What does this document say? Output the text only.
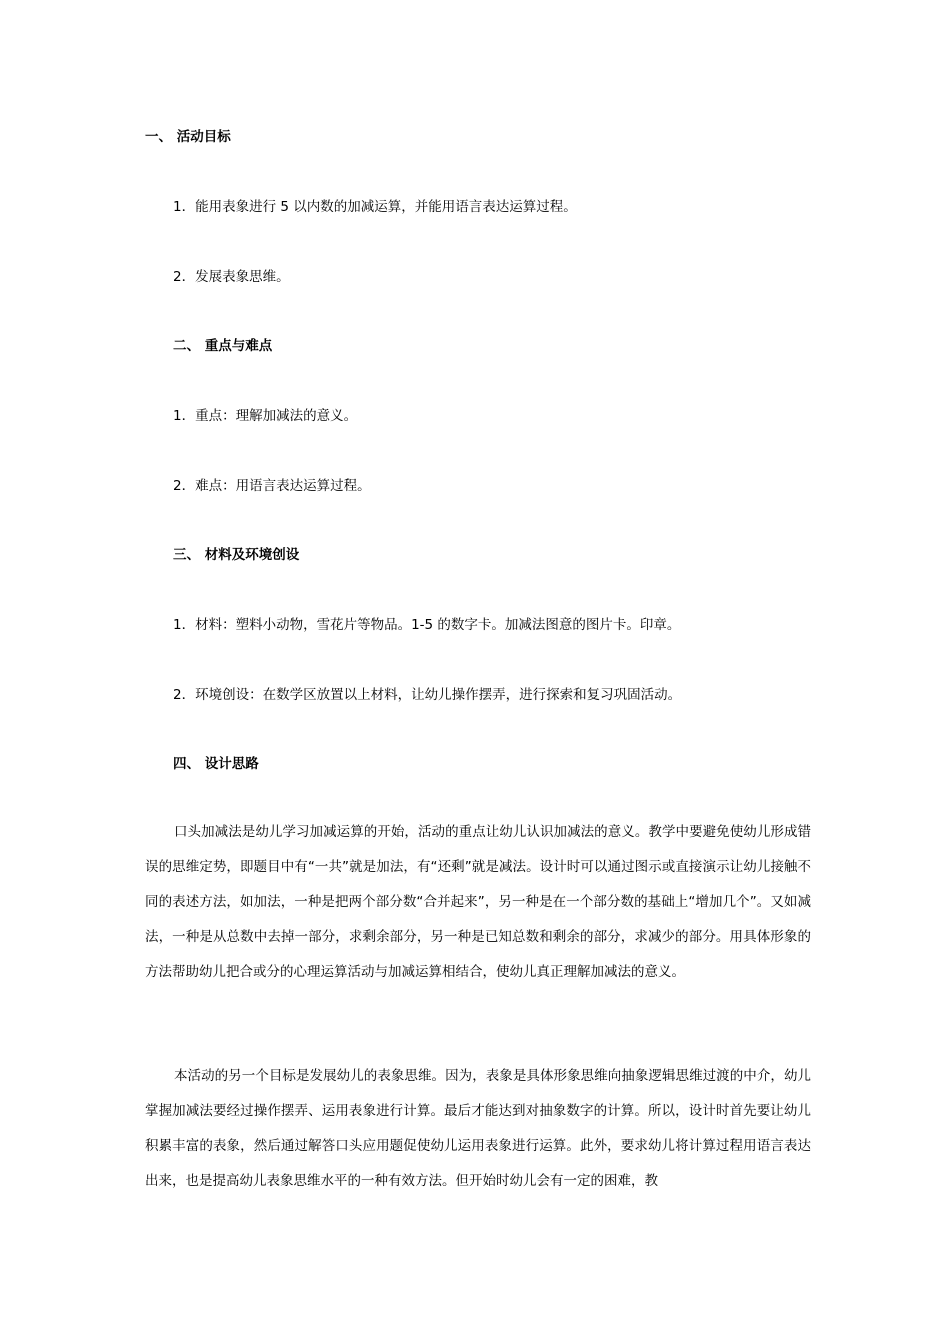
一、 活动目标
1．能用表象进行 5 以内数的加减运算，并能用语言表达运算过程。
2．发展表象思维。
二、 重点与难点
1．重点：理解加减法的意义。
2．难点：用语言表达运算过程。
三、 材料及环境创设
1．材料：塑料小动物，雪花片等物品。1-5 的数字卡。加减法图意的图片卡。印章。
2．环境创设：在数学区放置以上材料，让幼儿操作摆弄，进行探索和复习巩固活动。
四、 设计思路
口头加减法是幼儿学习加减运算的开始，活动的重点让幼儿认识加减法的意义。教学中要避免使幼儿形成错误的思维定势，即题目中有“一共”就是加法，有“还剩”就是减法。设计时可以通过图示或直接演示让幼儿接触不同的表述方法，如加法，一种是把两个部分数“合并起来”，另一种是在一个部分数的基础上“增加几个”。又如减法，一种是从总数中去掉一部分，求剩余部分，另一种是已知总数和剩余的部分，求减少的部分。用具体形象的方法帮助幼儿把合或分的心理运算活动与加减运算相结合，使幼儿真正理解加减法的意义。
本活动的另一个目标是发展幼儿的表象思维。因为，表象是具体形象思维向抽象逻辑思维过渡的中介，幼儿掌握加减法要经过操作摆弄、运用表象进行计算。最后才能达到对抽象数字的计算。所以，设计时首先要让幼儿积累丰富的表象，然后通过解答口头应用题促使幼儿运用表象进行运算。此外，要求幼儿将计算过程用语言表达出来，也是提高幼儿表象思维水平的一种有效方法。但开始时幼儿会有一定的困难，教
